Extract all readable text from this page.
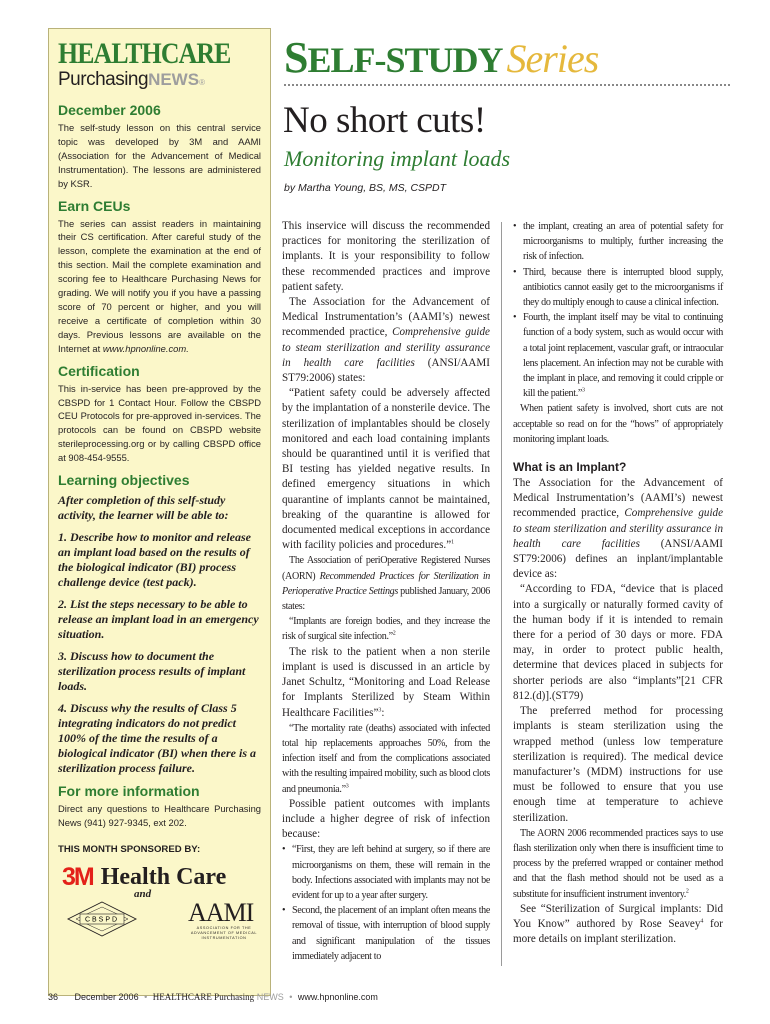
HEALTHCARE
PurchasingNEWS®
December 2006
The self-study lesson on this central service topic was developed by 3M and AAMI (Association for the Advancement of Medical Instrumentation). The lessons are administered by KSR.
Earn CEUs
The series can assist readers in maintaining their CS certification. After careful study of the lesson, complete the examination at the end of this section. Mail the complete examination and scoring fee to Healthcare Purchasing News for grading. We will notify you if you have a passing score of 70 percent or higher, and you will receive a certificate of completion within 30 days. Previous lessons are available on the Internet at www.hpnonline.com.
Certification
This in-service has been pre-approved by the CBSPD for 1 Contact Hour. Follow the CBSPD CEU Protocols for pre-approved in-services. The protocols can be found on CBSPD website sterileprocessing.org or by calling CBSPD office at 908-454-9555.
Learning objectives
After completion of this self-study activity, the learner will be able to:
1. Describe how to monitor and release an implant load based on the results of the biological indicator (BI) process challenge device (test pack).
2. List the steps necessary to be able to release an implant load in an emergency situation.
3. Discuss how to document the sterilization process results of implant loads.
4. Discuss why the results of Class 5 integrating indicators do not predict 100% of the time the results of a biological indicator (BI) when there is a sterilization process failure.
For more information
Direct any questions to Healthcare Purchasing News (941) 927-9345, ext 202.
THIS MONTH SPONSORED BY:
3M Health Care
and
CBSPD	AAMI
ASSOCIATION FOR THE ADVANCEMENT OF MEDICAL INSTRUMENTATION
SELF-STUDY Series
No short cuts!
Monitoring implant loads
by Martha Young, BS, MS, CSPDT

This inservice will discuss the recommended practices for monitoring the sterilization of implants. It is your responsibility to follow these recommended practices and improve patient safety.

The Association for the Advancement of Medical Instrumentation’s (AAMI’s) newest recommended practice, Comprehensive guide to steam sterilization and sterility assurance in health care facilities (ANSI/AAMI ST79:2006) states:

“Patient safety could be adversely affected by the implantation of a nonsterile device. The sterilization of implantables should be closely monitored and each load containing implants should be quarantined until it is verified that BI testing has yielded negative results. In defined emergency situations in which quarantine of implants cannot be maintained, breaking of the quarantine is allowed for documented medical exceptions in accordance with facility policies and procedures.”$^1$

The Association of periOperative Registered Nurses (AORN) Recommended Practices for Sterilization in Perioperative Practice Settings published January, 2006 states:

“Implants are foreign bodies, and they increase the risk of surgical site infection.”$^2$

The risk to the patient when a non sterile implant is used is discussed in an article by Janet Schultz, “Monitoring and Load Release for Implants Sterilized by Steam Within Healthcare Facilities”$^3$:

“The mortality rate (deaths) associated with infected total hip replacements approaches 50%, from the infection itself and from the complications associated with the resulting impaired mobility, such as blood clots and pneumonia.”$^3$

Possible patient outcomes with implants include a higher degree of risk of infection because:

• “First, they are left behind at surgery, so if there are microorganisms on them, these will remain in the body. Infections associated with implants may not be evident for up to a year after surgery.
• Second, the placement of an implant often means the removal of tissue, with interruption of blood supply and significant manipulation of the tissues immediately adjacent to
• the implant, creating an area of potential safety for microorganisms to multiply, further increasing the risk of infection.
• Third, because there is interrupted blood supply, antibiotics cannot easily get to the microorganisms if they do multiply enough to cause a clinical infection.
• Fourth, the implant itself may be vital to continuing function of a body system, such as would occur with a total joint replacement, vascular graft, or intraocular lens placement. An infection may not be curable with the implant in place, and removing it could cripple or kill the patient.”$^3$

When patient safety is involved, short cuts are not acceptable so read on for the “hows” of appropriately monitoring implant loads.

What is an Implant?

The Association for the Advancement of Medical Instrumentation’s (AAMI’s) newest recommended practice, Comprehensive guide to steam sterilization and sterility assurance in health care facilities (ANSI/AAMI ST79:2006) defines an inplant/implantable device as:

“According to FDA, “device that is placed into a surgically or naturally formed cavity of the human body if it is intended to remain there for a period of 30 days or more. FDA may, in order to protect public health, determine that devices placed in subjects for shorter periods are also “implants”[21 CFR 812.(d)].(ST79)

The preferred method for processing implants is steam sterilization using the wrapped method (unless low temperature sterilization is required). The medical device manufacturer’s (MDM) instructions for use must be followed to ensure that you use enough time at temperature to achieve sterilization.

The AORN 2006 recommended practices says to use flash sterilization only when there is insufficient time to process by the preferred wrapped or container method and that the flash method should not be used as a substitute for insufficient instrument inventory.$^2$

See “Sterilization of Surgical implants: Did You Know” authored by Rose Seavey$^4$ for more details on implant sterilization.

36 December 2006 • HEALTHCARE Purchasing NEWS • www.hpnonline.com
